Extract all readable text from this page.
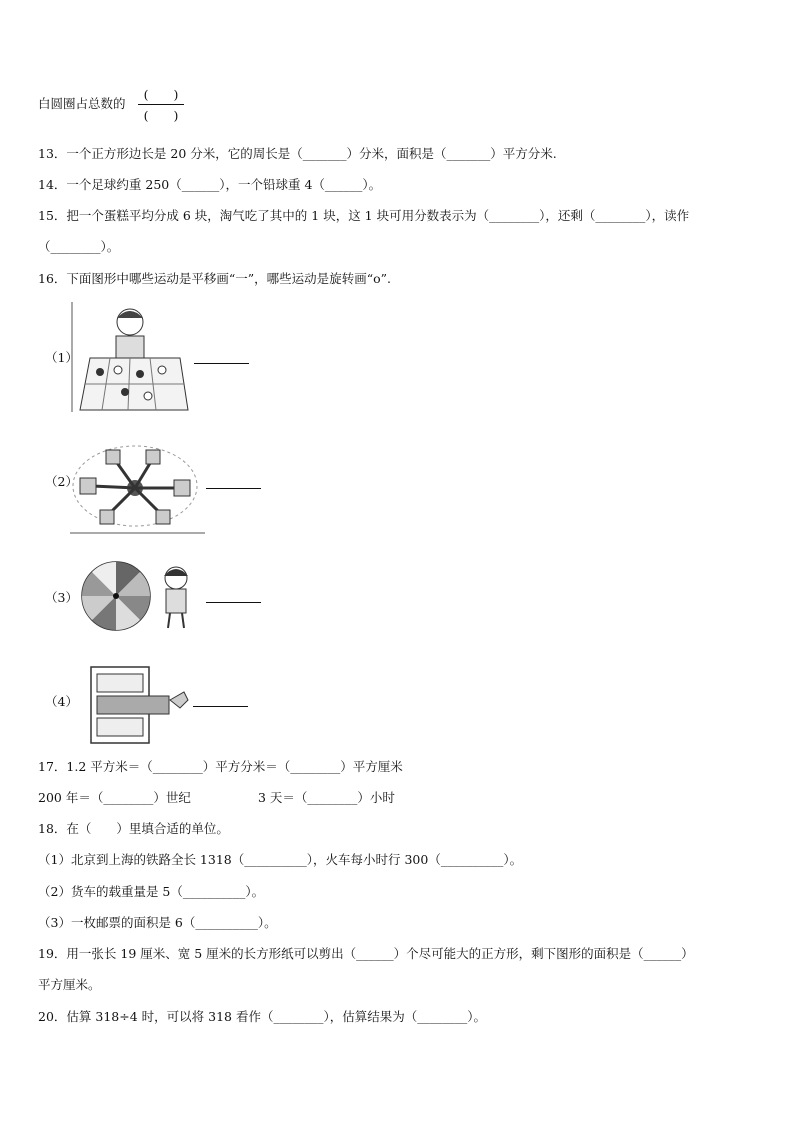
白圆圈占总数的
(　　)
(　　)
13．一个正方形边长是 20 分米，它的周长是（_______）分米，面积是（_______）平方分米.
14．一个足球约重 250（______），一个铅球重 4（______）。
15．把一个蛋糕平均分成 6 块，淘气吃了其中的 1 块，这 1 块可用分数表示为（________），还剩（________），读作
（________）。
16．下面图形中哪些运动是平移画“一”，哪些运动是旋转画“o”.
（1）
（2）
（3）
（4）
17．1.2 平方米＝（________）平方分米＝（________）平方厘米
200 年＝（________）世纪	3 天＝（________）小时
18．在（　　）里填合适的单位。
（1）北京到上海的铁路全长 1318（__________），火车每小时行 300（__________）。
（2）货车的载重量是 5（__________）。
（3）一枚邮票的面积是 6（__________）。
19．用一张长 19 厘米、宽 5 厘米的长方形纸可以剪出（______）个尽可能大的正方形，剩下图形的面积是（______）
平方厘米。
20．估算 318÷4 时，可以将 318 看作（________），估算结果为（________）。
